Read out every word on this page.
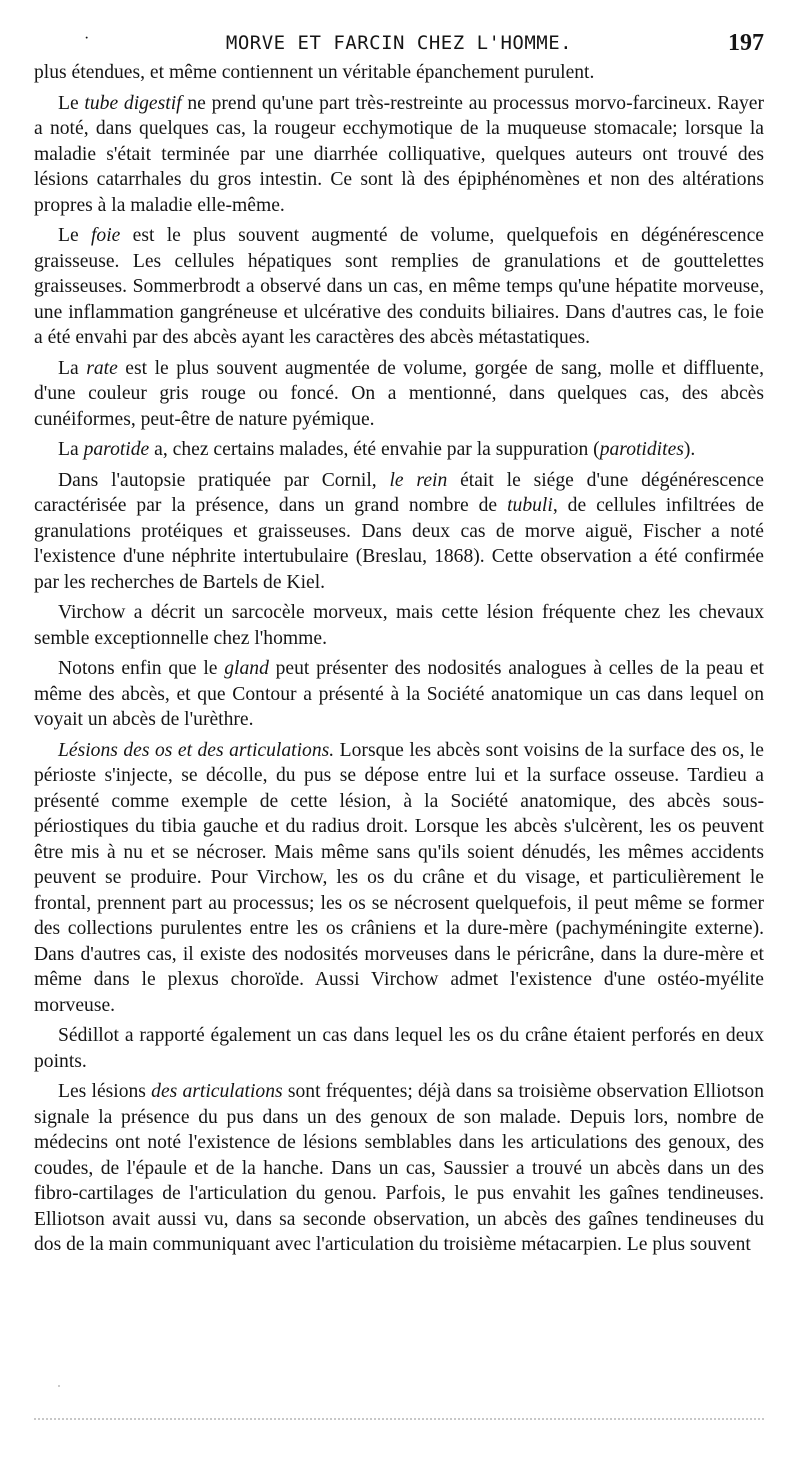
·	MORVE ET FARCIN CHEZ L'HOMME.	197

plus étendues, et même contiennent un véritable épanchement purulent.

Le tube digestif ne prend qu'une part très-restreinte au processus morvo-farcineux. Rayer a noté, dans quelques cas, la rougeur ecchymotique de la muqueuse stomacale; lorsque la maladie s'était terminée par une diarrhée colliquative, quelques auteurs ont trouvé des lésions catarrhales du gros intestin. Ce sont là des épiphénomènes et non des altérations propres à la maladie elle-même.

Le foie est le plus souvent augmenté de volume, quelquefois en dégénérescence graisseuse. Les cellules hépatiques sont remplies de granulations et de gouttelettes graisseuses. Sommerbrodt a observé dans un cas, en même temps qu'une hépatite morveuse, une inflammation gangréneuse et ulcérative des conduits biliaires. Dans d'autres cas, le foie a été envahi par des abcès ayant les caractères des abcès métastatiques.

La rate est le plus souvent augmentée de volume, gorgée de sang, molle et diffluente, d'une couleur gris rouge ou foncé. On a mentionné, dans quelques cas, des abcès cunéiformes, peut-être de nature pyémique.

La parotide a, chez certains malades, été envahie par la suppuration (parotidites).

Dans l'autopsie pratiquée par Cornil, le rein était le siége d'une dégénérescence caractérisée par la présence, dans un grand nombre de tubuli, de cellules infiltrées de granulations protéiques et graisseuses. Dans deux cas de morve aiguë, Fischer a noté l'existence d'une néphrite intertubulaire (Breslau, 1868). Cette observation a été confirmée par les recherches de Bartels de Kiel.

Virchow a décrit un sarcocèle morveux, mais cette lésion fréquente chez les chevaux semble exceptionnelle chez l'homme.

Notons enfin que le gland peut présenter des nodosités analogues à celles de la peau et même des abcès, et que Contour a présenté à la Société anatomique un cas dans lequel on voyait un abcès de l'urèthre.

Lésions des os et des articulations. Lorsque les abcès sont voisins de la surface des os, le périoste s'injecte, se décolle, du pus se dépose entre lui et la surface osseuse. Tardieu a présenté comme exemple de cette lésion, à la Société anatomique, des abcès sous-périostiques du tibia gauche et du radius droit. Lorsque les abcès s'ulcèrent, les os peuvent être mis à nu et se nécroser. Mais même sans qu'ils soient dénudés, les mêmes accidents peuvent se produire. Pour Virchow, les os du crâne et du visage, et particulièrement le frontal, prennent part au processus; les os se nécrosent quelquefois, il peut même se former des collections purulentes entre les os crâniens et la dure-mère (pachyméningite externe). Dans d'autres cas, il existe des nodosités morveuses dans le péricrâne, dans la dure-mère et même dans le plexus choroïde. Aussi Virchow admet l'existence d'une ostéo-myélite morveuse.

Sédillot a rapporté également un cas dans lequel les os du crâne étaient perforés en deux points.

Les lésions des articulations sont fréquentes; déjà dans sa troisième observation Elliotson signale la présence du pus dans un des genoux de son malade. Depuis lors, nombre de médecins ont noté l'existence de lésions semblables dans les articulations des genoux, des coudes, de l'épaule et de la hanche. Dans un cas, Saussier a trouvé un abcès dans un des fibro-cartilages de l'articulation du genou. Parfois, le pus envahit les gaînes tendineuses. Elliotson avait aussi vu, dans sa seconde observation, un abcès des gaînes tendineuses du dos de la main communiquant avec l'articulation du troisième métacarpien. Le plus souvent
